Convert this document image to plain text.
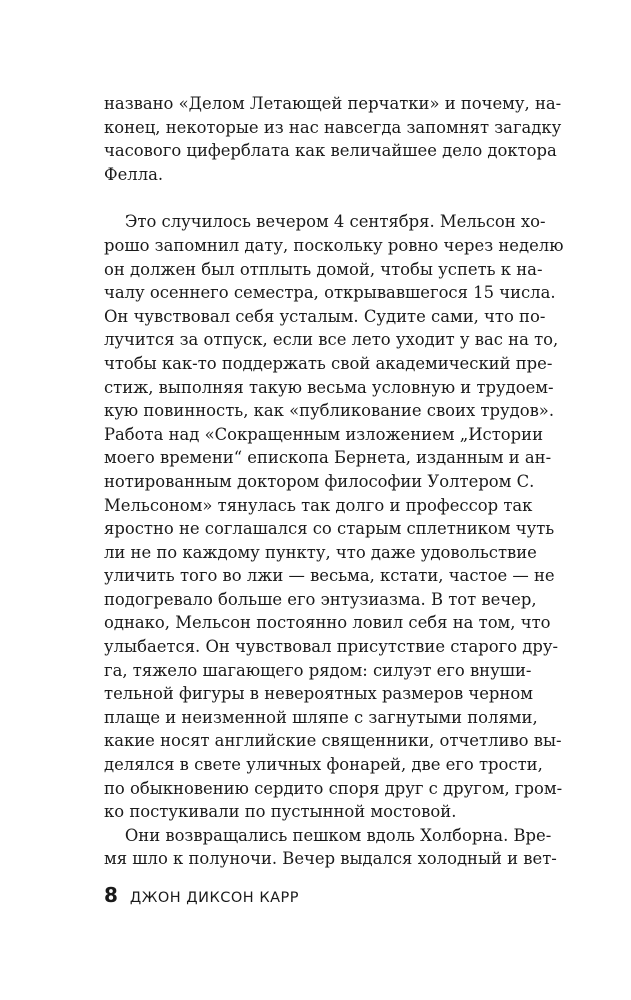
названо «Делом Летающей перчатки» и почему, на-
конец, некоторые из нас навсегда запомнят загадку
часового циферблата как величайшее дело доктора
Фелла.
Это случилось вечером 4 сентября. Мельсон хо-
рошо запомнил дату, поскольку ровно через неделю
он должен был отплыть домой, чтобы успеть к на-
чалу осеннего семестра, открывавшегося 15 числа.
Он чувствовал себя усталым. Судите сами, что по-
лучится за отпуск, если все лето уходит у вас на то,
чтобы как-то поддержать свой академический пре-
стиж, выполняя такую весьма условную и трудоем-
кую повинность, как «публикование своих трудов».
Работа над «Сокращенным изложением „Истории
моего времени“ епископа Бернета, изданным и ан-
нотированным доктором философии Уолтером С.
Мельсоном» тянулась так долго и профессор так
яростно не соглашался со старым сплетником чуть
ли не по каждому пункту, что даже удовольствие
уличить того во лжи — весьма, кстати, частое — не
подогревало больше его энтузиазма. В тот вечер,
однако, Мельсон постоянно ловил себя на том, что
улыбается. Он чувствовал присутствие старого дру-
га, тяжело шагающего рядом: силуэт его внуши-
тельной фигуры в невероятных размеров черном
плаще и неизменной шляпе с загнутыми полями,
какие носят английские священники, отчетливо вы-
делялся в свете уличных фонарей, две его трости,
по обыкновению сердито споря друг с другом, гром-
ко постукивали по пустынной мостовой.
Они возвращались пешком вдоль Холборна. Вре-
мя шло к полуночи. Вечер выдался холодный и вет-
8 ДЖОН ДИКСОН КАРР
